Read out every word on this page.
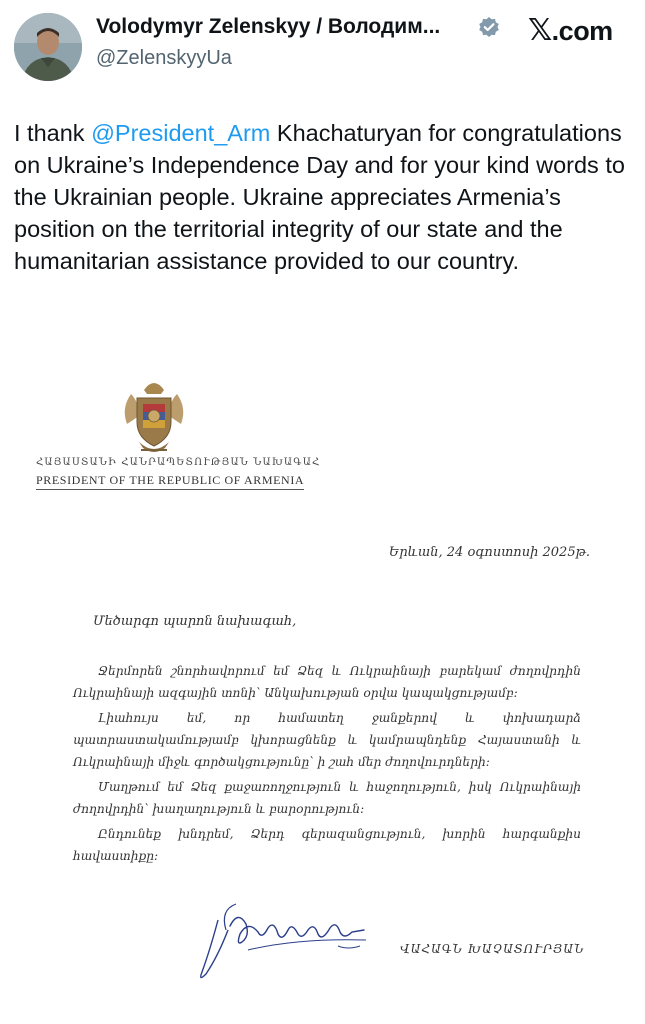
Volodymyr Zelenskyy / Володим...
@ZelenskyyUa
𝕏.com
I thank @President_Arm Khachaturyan for congratulations on Ukraine’s Independence Day and for your kind words to the Ukrainian people. Ukraine appreciates Armenia’s position on the territorial integrity of our state and the humanitarian assistance provided to our country.
ՀԱՅԱՍՏԱՆԻ ՀԱՆՐԱՊԵՏՈՒԹՅԱՆ ՆԱԽԱԳԱՀ
PRESIDENT OF THE REPUBLIC OF ARMENIA
Երևան, 24 օգոստոսի 2025թ.
Մեծարգո պարոն նախագահ,

Ջերմորեն շնորհավորում եմ Ձեզ և Ուկրաինայի բարեկամ ժողովրդին Ուկրաինայի ազգային տոնի՝ Անկախության օրվա կապակցությամբ:

Լիահույս եմ, որ համատեղ ջանքերով և փոխադարձ պատրաստակամությամբ կխորացնենք և կամրապնդենք Հայաստանի և Ուկրաինայի միջև գործակցությունը՝ ի շահ մեր ժողովուրդների:

Մաղթում եմ Ձեզ քաջառողջություն և հաջողություն, իսկ Ուկրաինայի ժողովրդին՝ խաղաղություն և բարօրություն:

Ընդունեք խնդրեմ, Ձերդ գերազանցություն, խորին հարգանքիս հավաստիքը:

ՎԱՀԱԳՆ ԽԱՉԱՏՈՒՐՅԱՆ
